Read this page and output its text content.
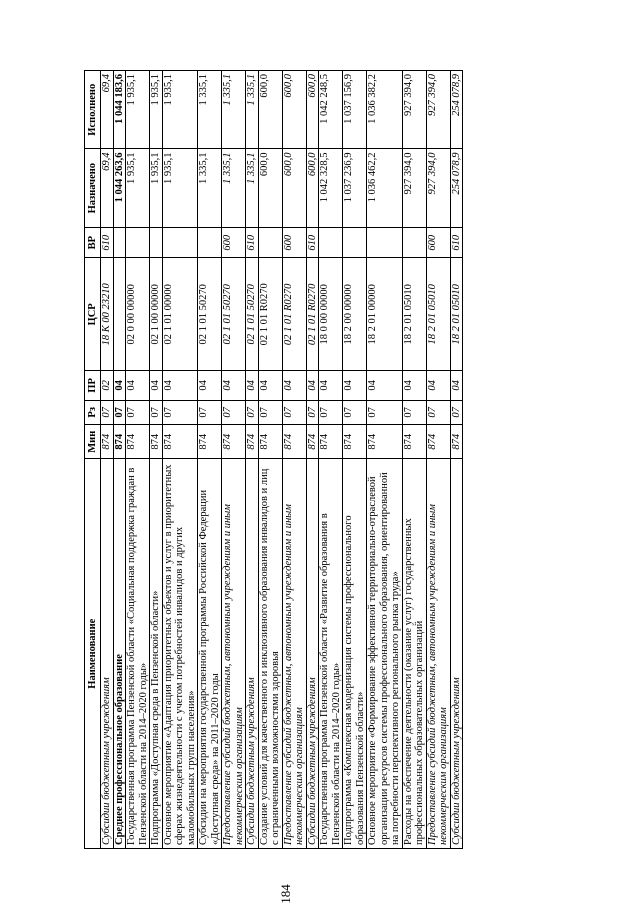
184
Наименование	Мин	Рз	ПР	ЦСР	ВР	Назначено	Исполнено
Субсидии бюджетным учреждениям	874	07	02	18 К 00 23210	610	69,4	69,4
Среднее профессиональное образование	874	07	04			1 044 263,6	1 044 183,6
Государственная программа Пензенской области «Социальная поддержка граждан в Пензенской области на 2014–2020 годы»	874	07	04	02 0 00 00000		1 935,1	1 935,1
Подпрограмма «Доступная среда в Пензенской области»	874	07	04	02 1 00 00000		1 935,1	1 935,1
Основное мероприятие «Адаптация приоритетных объектов и услуг в приоритетных сферах жизнедеятельности с учетом потребностей инвалидов и других маломобильных групп населения»	874	07	04	02 1 01 00000		1 935,1	1 935,1
Субсидии на мероприятия государственной программы Российской Федерации «Доступная среда» на 2011–2020 годы	874	07	04	02 1 01 50270		1 335,1	1 335,1
Предоставление субсидий бюджетным, автономным учреждениям и иным некоммерческим организациям	874	07	04	02 1 01 50270	600	1 335,1	1 335,1
Субсидии бюджетным учреждениям	874	07	04	02 1 01 50270	610	1 335,1	1 335,1
Создание условий для качественного и инклюзивного образования инвалидов и лиц с ограниченными возможностями здоровья	874	07	04	02 1 01 R0270		600,0	600,0
Предоставление субсидий бюджетным, автономным учреждениям и иным некоммерческим организациям	874	07	04	02 1 01 R0270	600	600,0	600,0
Субсидии бюджетным учреждениям	874	07	04	02 1 01 R0270	610	600,0	600,0
Государственная программа Пензенской области «Развитие образования в Пензенской области на 2014–2020 годы»	874	07	04	18 0 00 00000		1 042 328,5	1 042 248,5
Подпрограмма «Комплексная модернизация системы профессионального образования Пензенской области»	874	07	04	18 2 00 00000		1 037 236,9	1 037 156,9
Основное мероприятие «Формирование эффективной территориально-отраслевой организации ресурсов системы профессионального образования, ориентированной на потребности перспективного регионального рынка труда»	874	07	04	18 2 01 00000		1 036 462,2	1 036 382,2
Расходы на обеспечение деятельности (оказание услуг) государственных профессиональных образовательных организаций	874	07	04	18 2 01 05010		927 394,0	927 394,0
Предоставление субсидий бюджетным, автономным учреждениям и иным некоммерческим организациям	874	07	04	18 2 01 05010	600	927 394,0	927 394,0
Субсидии бюджетным учреждениям	874	07	04	18 2 01 05010	610	254 078,9	254 078,9
